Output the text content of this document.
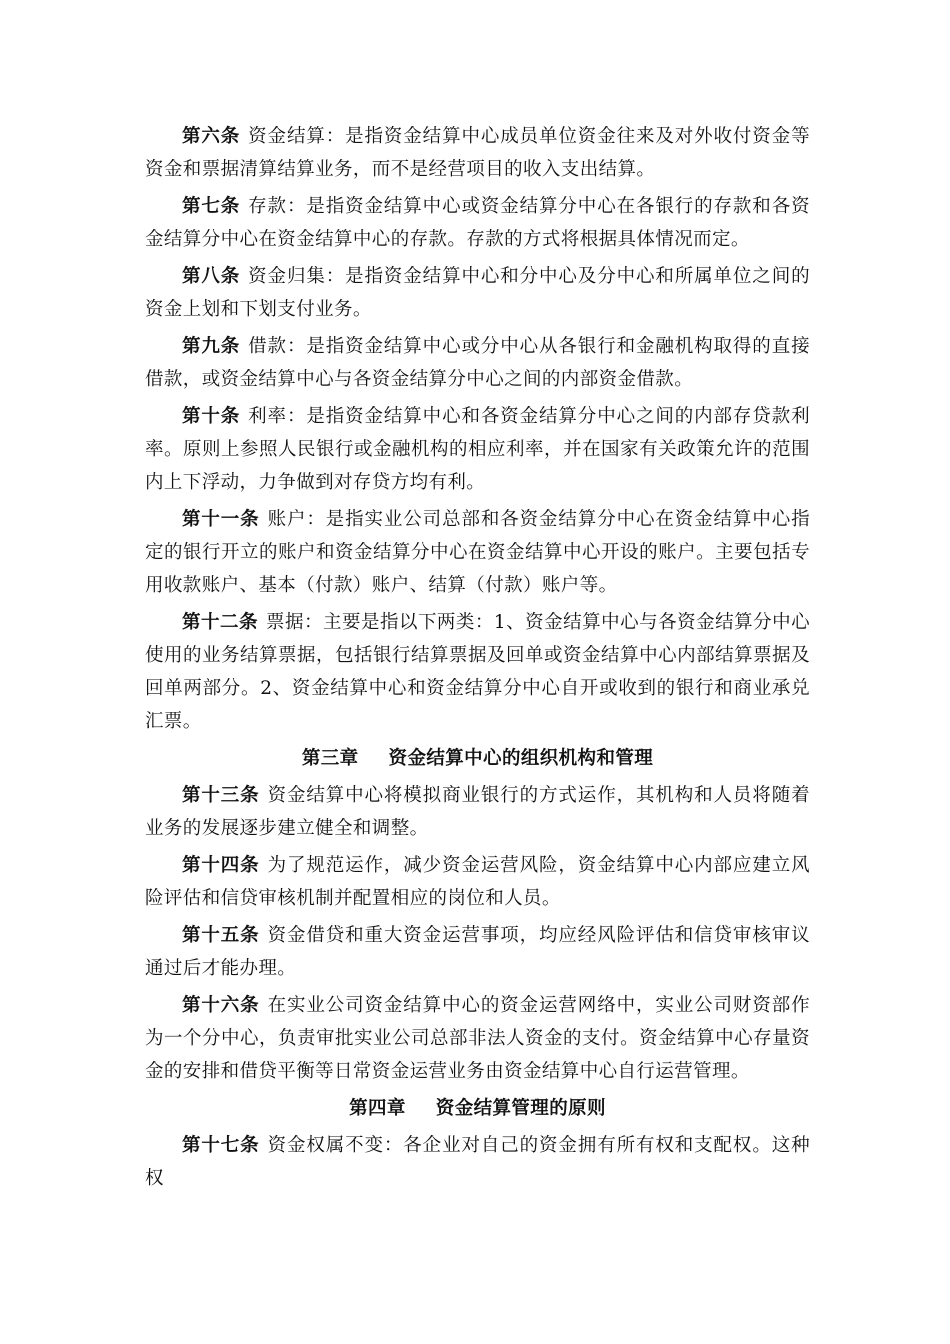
第六条 资金结算：是指资金结算中心成员单位资金往来及对外收付资金等资金和票据清算结算业务，而不是经营项目的收入支出结算。

第七条 存款：是指资金结算中心或资金结算分中心在各银行的存款和各资金结算分中心在资金结算中心的存款。存款的方式将根据具体情况而定。

第八条 资金归集：是指资金结算中心和分中心及分中心和所属单位之间的资金上划和下划支付业务。

第九条 借款：是指资金结算中心或分中心从各银行和金融机构取得的直接借款，或资金结算中心与各资金结算分中心之间的内部资金借款。

第十条 利率：是指资金结算中心和各资金结算分中心之间的内部存贷款利率。原则上参照人民银行或金融机构的相应利率，并在国家有关政策允许的范围内上下浮动，力争做到对存贷方均有利。

第十一条 账户：是指实业公司总部和各资金结算分中心在资金结算中心指定的银行开立的账户和资金结算分中心在资金结算中心开设的账户。主要包括专用收款账户、基本（付款）账户、结算（付款）账户等。

第十二条 票据：主要是指以下两类：1、资金结算中心与各资金结算分中心使用的业务结算票据，包括银行结算票据及回单或资金结算中心内部结算票据及回单两部分。2、资金结算中心和资金结算分中心自开或收到的银行和商业承兑汇票。

第三章 资金结算中心的组织机构和管理

第十三条 资金结算中心将模拟商业银行的方式运作，其机构和人员将随着业务的发展逐步建立健全和调整。

第十四条 为了规范运作，减少资金运营风险，资金结算中心内部应建立风险评估和信贷审核机制并配置相应的岗位和人员。

第十五条 资金借贷和重大资金运营事项，均应经风险评估和信贷审核审议通过后才能办理。

第十六条 在实业公司资金结算中心的资金运营网络中，实业公司财资部作为一个分中心，负责审批实业公司总部非法人资金的支付。资金结算中心存量资金的安排和借贷平衡等日常资金运营业务由资金结算中心自行运营管理。

第四章 资金结算管理的原则

第十七条 资金权属不变：各企业对自己的资金拥有所有权和支配权。这种权
